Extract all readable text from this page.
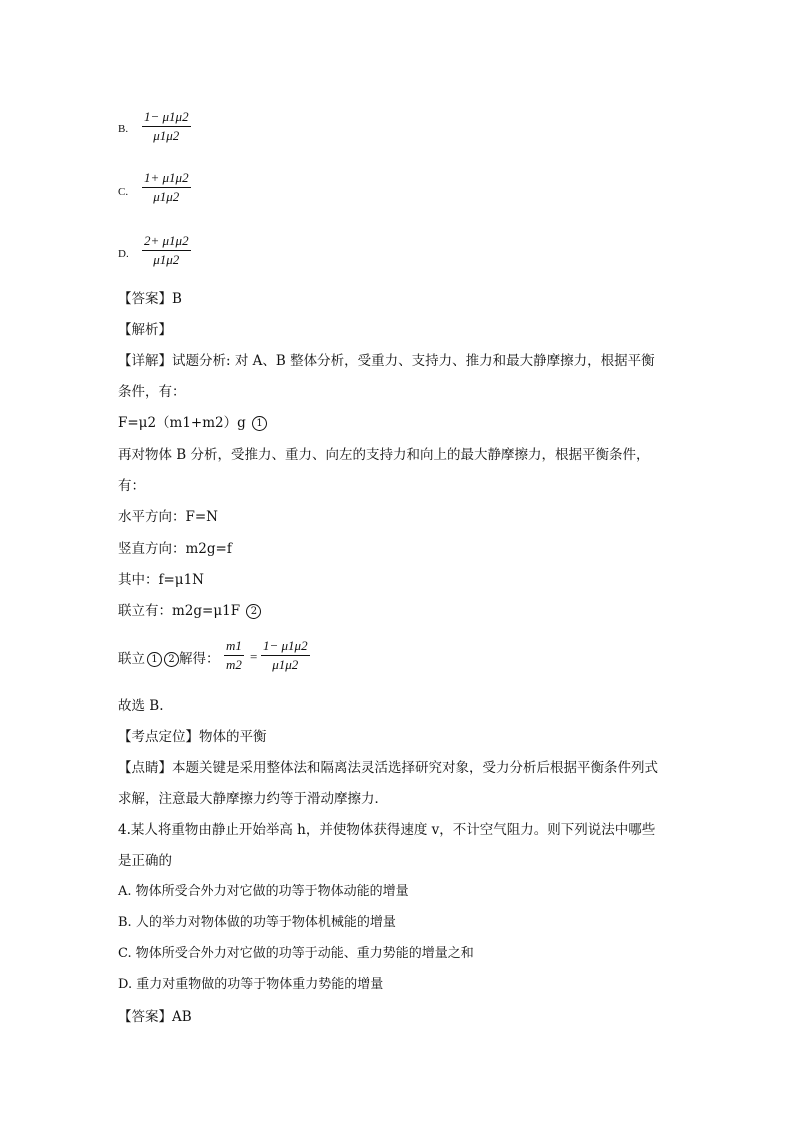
B.
1− μ1μ2
μ1μ2
C.
1+ μ1μ2
μ1μ2
D.
2+ μ1μ2
μ1μ2
【答案】B
【解析】
【详解】试题分析: 对 A、B 整体分析，受重力、支持力、推力和最大静摩擦力，根据平衡
条件，有：
F=μ2（m1+m2）g 1
再对物体 B 分析，受推力、重力、向左的支持力和向上的最大静摩擦力，根据平衡条件，
有：
水平方向：F=N
竖直方向：m2g=f
其中：f=μ1N
联立有：m2g=μ1F 2
联立 1 2 解得：
m1
m2
=
1− μ1μ2
μ1μ2
故选 B.
【考点定位】物体的平衡
【点睛】本题关键是采用整体法和隔离法灵活选择研究对象，受力分析后根据平衡条件列式
求解，注意最大静摩擦力约等于滑动摩擦力．
4.某人将重物由静止开始举高 h，并使物体获得速度 v，不计空气阻力。则下列说法中哪些
是正确的
A. 物体所受合外力对它做的功等于物体动能的增量
B. 人的举力对物体做的功等于物体机械能的增量
C. 物体所受合外力对它做的功等于动能、重力势能的增量之和
D. 重力对重物做的功等于物体重力势能的增量
【答案】AB
